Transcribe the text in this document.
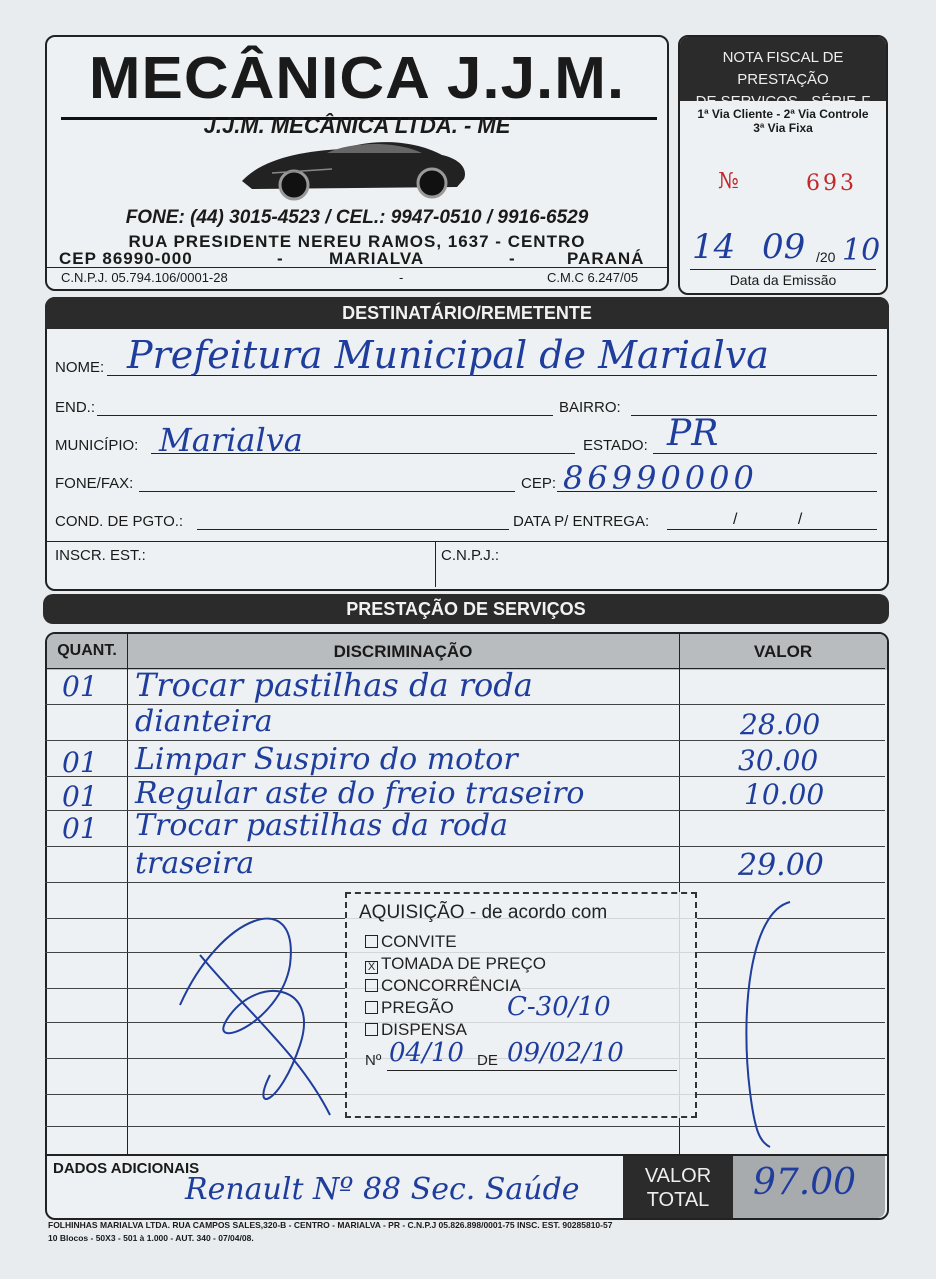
MECÂNICA J.J.M.
J.J.M. MECÂNICA LTDA. - ME
FONE: (44) 3015-4523 / CEL.: 9947-0510 / 9916-6529
RUA PRESIDENTE NEREU RAMOS, 1637 - CENTRO
CEP 86990-000	-	MARIALVA	-	PARANÁ
C.N.P.J. 05.794.106/0001-28	-	C.M.C 6.247/05
NOTA FISCAL DE PRESTAÇÃO
DE SERVIÇOS - SÉRIE-F
1ª Via Cliente - 2ª Via Controle
3ª Via Fixa
№	693
14 09 /20 10
Data da Emissão
DESTINATÁRIO/REMETENTE
NOME: Prefeitura Municipal de Marialva
END.:	BAIRRO:
MUNICÍPIO: Marialva	ESTADO: PR
FONE/FAX:	CEP: 86990000
COND. DE PGTO.:	DATA P/ ENTREGA:	/ /
INSCR. EST.:	C.N.P.J.:
PRESTAÇÃO DE SERVIÇOS
QUANT.	DISCRIMINAÇÃO	VALOR
01 Trocar pastilhas da roda
dianteira	28.00
01 Limpar Suspiro do motor	30.00
01 Regular aste do freio traseiro	10.00
01 Trocar pastilhas da roda
traseira	29.00
AQUISIÇÃO - de acordo com
CONVITE
X TOMADA DE PREÇO
CONCORRÊNCIA
PREGÃO C-30/10
DISPENSA
Nº 04/10 DE 09/02/10
DADOS ADICIONAIS
Renault Nº 88 Sec. Saúde	VALOR
TOTAL	97.00
FOLHINHAS MARIALVA LTDA. RUA CAMPOS SALES,320-B - CENTRO - MARIALVA - PR - C.N.P.J 05.826.898/0001-75 INSC. EST. 90285810-57
10 Blocos - 50X3 - 501 à 1.000 - AUT. 340 - 07/04/08.
